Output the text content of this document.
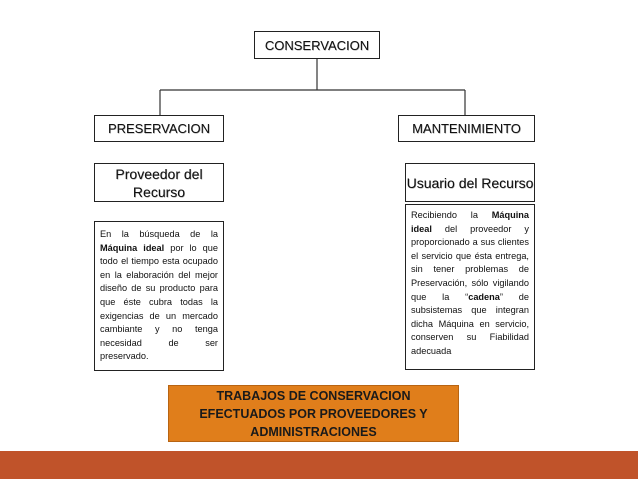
CONSERVACION
PRESERVACION	MANTENIMIENTO
Proveedor del Recurso
Usuario del Recurso
En la búsqueda de la Máquina ideal por lo que todo el tiempo esta ocupado en la elaboración del mejor diseño de su producto para que éste cubra todas la exigencias de un mercado cambiante y no tenga necesidad de ser preservado.
Recibiendo la Máquina ideal del proveedor y proporcionado a sus clientes el servicio que ésta entrega, sin tener problemas de Preservación, sólo vigilando que la “cadena” de subsistemas que integran dicha Máquina en servicio, conserven su Fiabilidad adecuada
TRABAJOS DE CONSERVACION EFECTUADOS POR PROVEEDORES Y ADMINISTRACIONES
